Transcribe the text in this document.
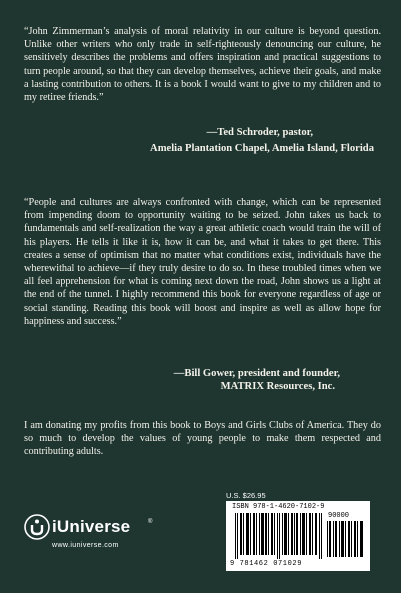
“John Zimmerman’s analysis of moral relativity in our culture is beyond question. Unlike other writers who only trade in self-righteously denouncing our culture, he sensitively describes the problems and offers inspiration and practical suggestions to turn people around, so that they can develop themselves, achieve their goals, and make a lasting contribution to others. It is a book I would want to give to my children and to my retiree friends.”

—Ted Schroder, pastor,
Amelia Plantation Chapel, Amelia Island, Florida

“People and cultures are always confronted with change, which can be represented from impending doom to opportunity waiting to be seized. John takes us back to fundamentals and self-realization the way a great athletic coach would train the will of his players. He tells it like it is, how it can be, and what it takes to get there. This creates a sense of optimism that no matter what conditions exist, individuals have the wherewithal to achieve—if they truly desire to do so. In these troubled times when we all feel apprehension for what is coming next down the road, John shows us a light at the end of the tunnel. I highly recommend this book for everyone regardless of age or social standing. Reading this book will boost and inspire as well as allow hope for happiness and success.”

—Bill Gower, president and founder,
MATRIX Resources, Inc.

I am donating my profits from this book to Boys and Girls Clubs of America. They do so much to develop the values of young people to make them respected and contributing adults.

iUniverse	®
www.iuniverse.com
U.S. $26.95
ISBN 978-1-4620-7102-9
90000
9 781462 071029
